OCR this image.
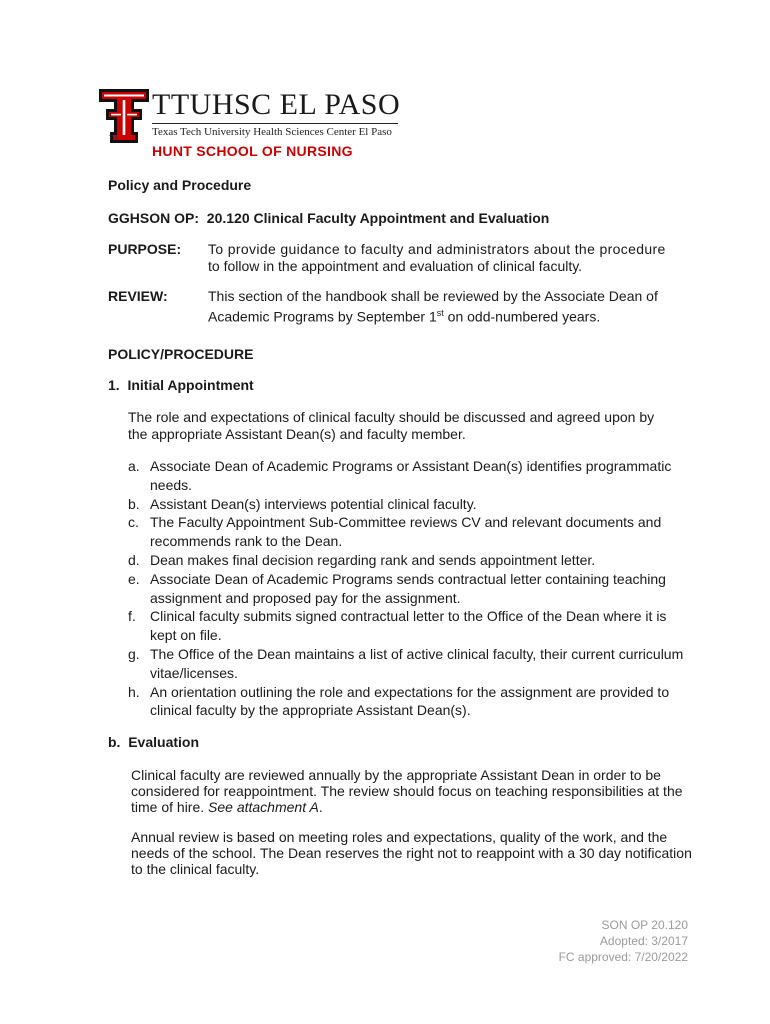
TM
TTUHSC EL PASO
Texas Tech University Health Sciences Center El Paso
HUNT SCHOOL OF NURSING
Policy and Procedure
GGHSON OP:  20.120 Clinical Faculty Appointment and Evaluation
PURPOSE: To provide guidance to faculty and administrators about the procedure
to follow in the appointment and evaluation of clinical faculty.
REVIEW:	This section of the handbook shall be reviewed by the Associate Dean of
Academic Programs by September 1st on odd-numbered years.
POLICY/PROCEDURE
1.  Initial Appointment
The role and expectations of clinical faculty should be discussed and agreed upon by
the appropriate Assistant Dean(s) and faculty member.
a. Associate Dean of Academic Programs or Assistant Dean(s) identifies programmatic needs.
b. Assistant Dean(s) interviews potential clinical faculty.
c. The Faculty Appointment Sub-Committee reviews CV and relevant documents and recommends rank to the Dean.
d. Dean makes final decision regarding rank and sends appointment letter.
e. Associate Dean of Academic Programs sends contractual letter containing teaching assignment and proposed pay for the assignment.
f. Clinical faculty submits signed contractual letter to the Office of the Dean where it is kept on file.
g. The Office of the Dean maintains a list of active clinical faculty, their current curriculum vitae/licenses.
h. An orientation outlining the role and expectations for the assignment are provided to clinical faculty by the appropriate Assistant Dean(s).
b.  Evaluation
Clinical faculty are reviewed annually by the appropriate Assistant Dean in order to be
considered for reappointment. The review should focus on teaching responsibilities at the
time of hire. See attachment A.
Annual review is based on meeting roles and expectations, quality of the work, and the
needs of the school. The Dean reserves the right not to reappoint with a 30 day notification
to the clinical faculty.
SON OP 20.120
Adopted: 3/2017
FC approved: 7/20/2022
